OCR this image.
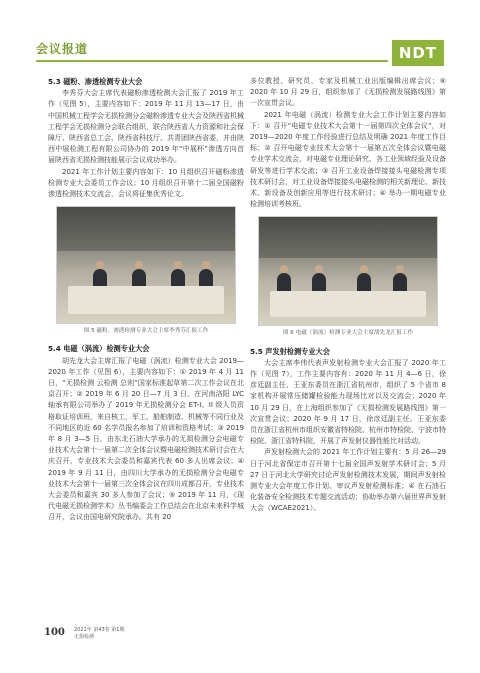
会议报道	NDT
5.3 磁粉、渗透检测专业大会

李秀芬大会主席代表磁粉渗透检测大会汇报了 2019 年工作（见图 5），主要内容如下：2019 年 11 月 13—17 日，由中国机械工程学会无损检测分会磁粉渗透专业大会及陕西省机械工程学会无损检测分会联合组织，联合陕西省人力资源和社会保障厅、陕西省总工会、陕西省科技厅、共青团陕西省委，并由陕西中展检测工程有限公司协办的 2019 年“中展杯”渗透方向首届陕西省无损检测技能展示会议成功举办。

2021 年工作计划主要内容如下：10 月组织召开磁粉渗透检测专业大会委员工作会议；10 月组织召开第十二届全国磁粉渗透检测技术交流会，会议将征集优秀论文。

图 5 磁粉、渗透检测专业大会主席李秀芬汇报工作
5.4 电磁（涡流）检测专业大会

胡先龙大会主席汇报了电磁（涡流）检测专业大会 2019—2020 年工作（见图 6），主要内容如下：① 2019 年 4 月 11 日，“无损检测 云检测 总则”国家标准起草第二次工作会议在北京召开；② 2019 年 6 月 20 日—7 月 3 日，在河南洛阳 LYC 轴承有限公司举办了 2019 年无损检测分会 ET-I、II 级人员资格取证培训班，来自核工、军工、船舶制造、机械等不同行业及不同地区的近 60 名学员报名参加了培训和资格考试；③ 2019 年 8 月 3—5 日，由东北石油大学承办的无损检测分会电磁专业技术大会第十一届第二次全体会议暨电磁检测技术研讨会在大庆召开，专业技术大会委员和嘉宾代表 60 多人出席会议；④ 2019 年 9 月 11 日，由四川大学承办的无损检测分会电磁专业技术大会第十一届第三次全体会议在四川成都召开，专业技术大会委员和嘉宾 30 多人参加了会议；⑤ 2019 年 11 月，《现代电磁无损检测学术》丛书编委会工作总结会在北京未来科学城召开，会议由国电研究院承办。共有 20

多位教授、研究员、专家及机械工业出版编辑出席会议；⑥ 2020 年 10 月 29 日，组织参加了《无损检测发展路线图》第一次宣贯会议。

2021 年电磁（涡流）检测专业大会工作计划主要内容如下：① 召开“电磁专业技术大会第十一届第四次全体会议”，对 2019—2020 年度工作经验进行总结及明确 2021 年度工作目标；② 召开电磁专业技术大会第十一届第五次全体会议暨电磁专业学术交流会，对电磁专业理论研究、各工业领域经验及设备研发等进行学术交流；③ 召开工业设备焊接接头电磁检测专项技术研讨会，对工业设备焊接接头电磁检测的相关新理论、新技术、新设备及创新应用等进行技术研讨；④ 举办一期电磁专业检测培训考核班。

图 6 电磁（涡流）检测专业大会主席胡先龙汇报工作
5.5 声发射检测专业大会

大会主席李伟代表声发射检测专业大会汇报了 2020 年工作（见图 7），工作主要内容有：2020 年 11 月 4—6 日，徐彦廷副主任、王亚东委员在浙江省杭州市，组织了 5 个省市 8 家机构开展常压储罐检验能力现场比对以及交流会；2020 年 10 月 29 日，在上海组织参加了《无损检测发展路线图》第一次宣贯会议；2020 年 9 月 17 日，徐彦廷副主任、王亚东委员在浙江省杭州市组织安徽省特检院、杭州市特检院、宁波市特检院、浙江省特科院，开展了声发射仪器性能比对活动。

声发射检测大会的 2021 年工作计划主要有：5 月 26—29 日于河北省保定市召开第十七届全国声发射学术研讨会；5 月 27 日于河北大学研究讨论声发射检测技术发展，期间声发射检测专业大会年度工作计划、审议声发射检测标准；④ 在石油石化装备安全检测技术专题交流活动；协助举办第六届世界声发射大会（WCAE2021）。

100 2021年 第43卷 第1期
无损检测
